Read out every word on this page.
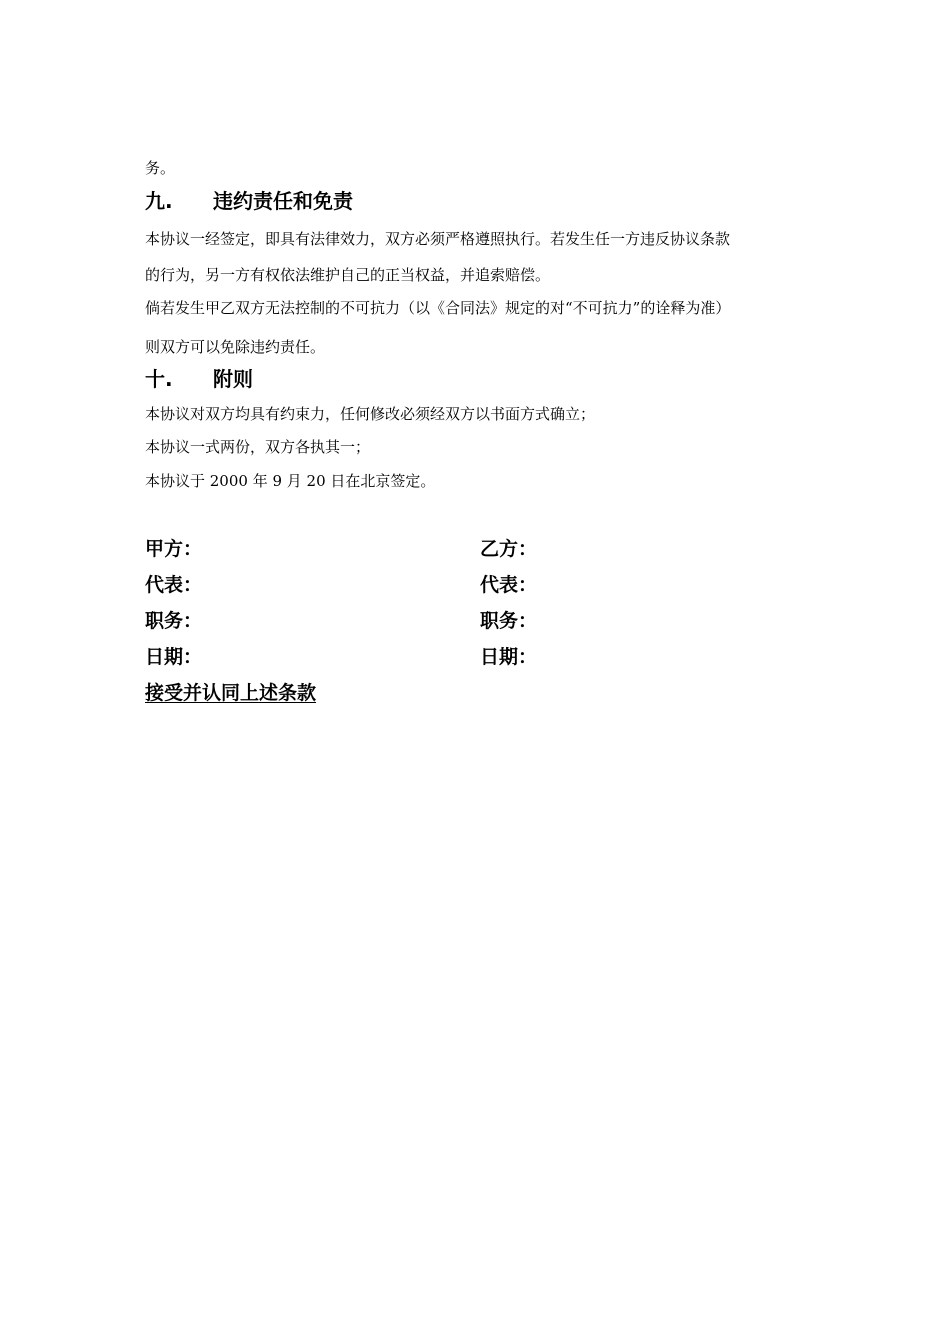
务。
九. 违约责任和免责
本协议一经签定，即具有法律效力，双方必须严格遵照执行。若发生任一方违反协议条款
的行为，另一方有权依法维护自己的正当权益，并追索赔偿。
倘若发生甲乙双方无法控制的不可抗力（以《合同法》规定的对“不可抗力”的诠释为准）
则双方可以免除违约责任。
十. 附则
本协议对双方均具有约束力，任何修改必须经双方以书面方式确立；
本协议一式两份，双方各执其一；
本协议于 2000 年 9 月 20 日在北京签定。
甲方：	乙方：
代表：	代表：
职务：	职务：
日期：	日期：
接受并认同上述条款
